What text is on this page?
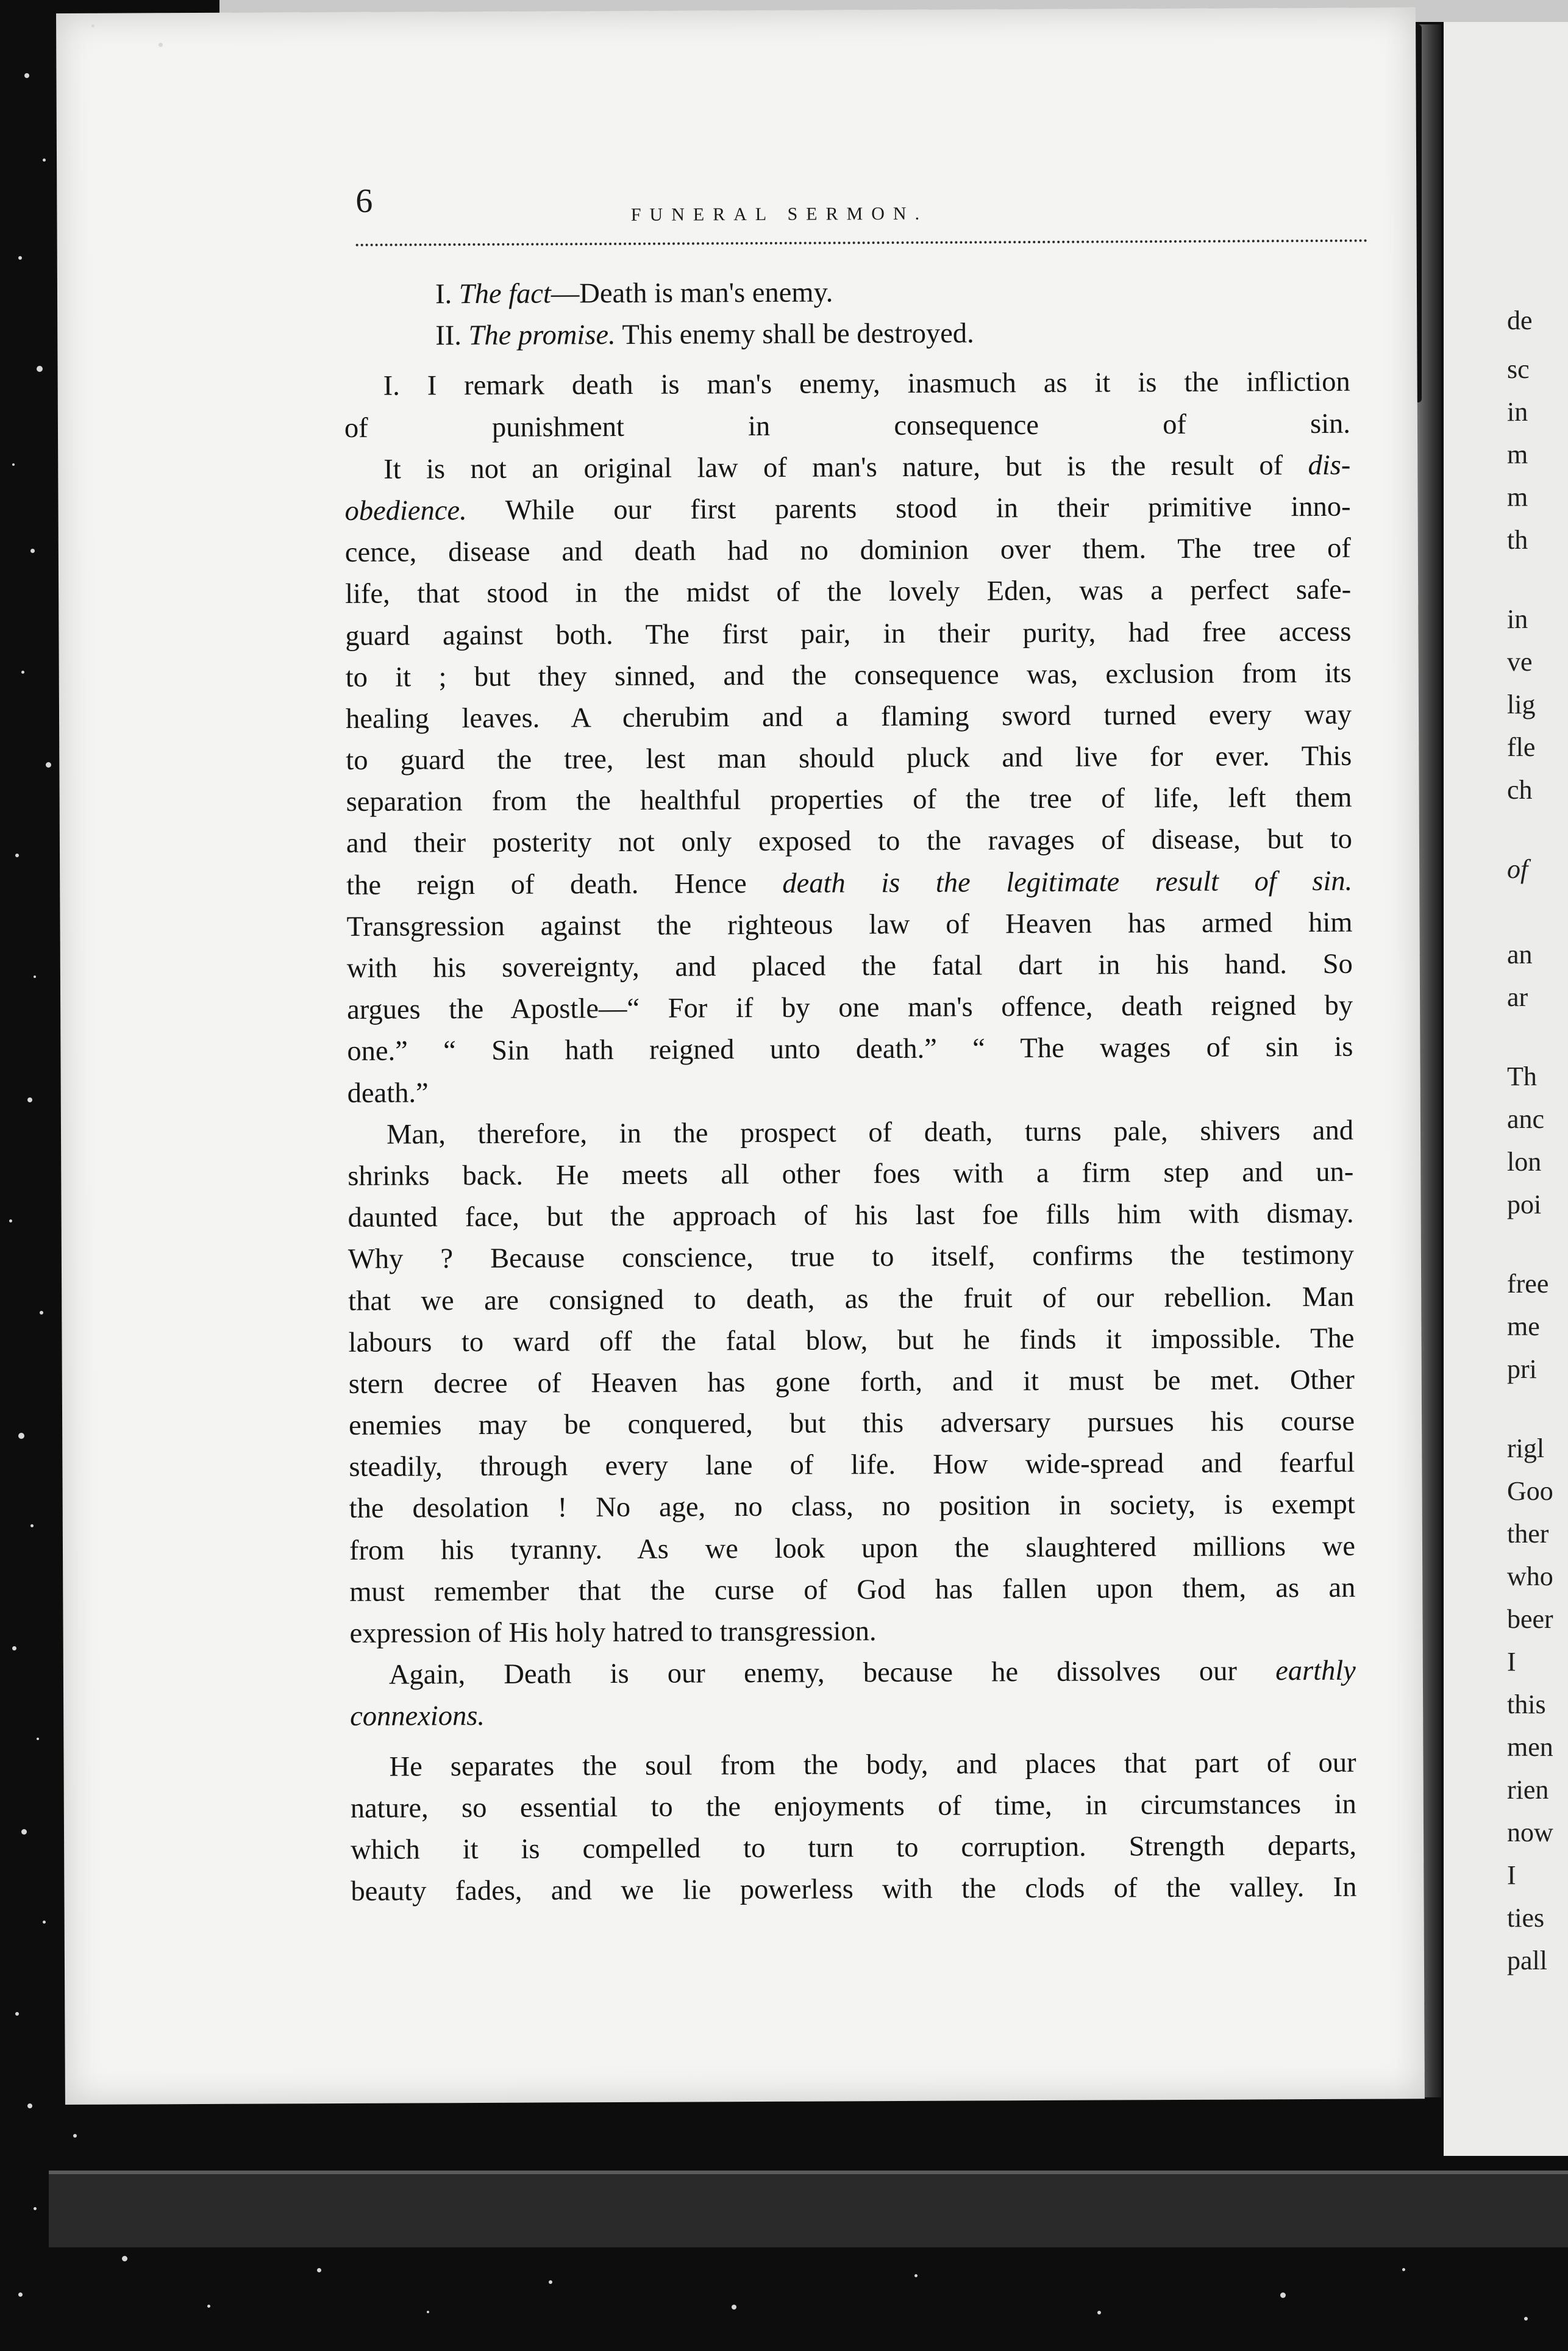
de
sc
in
m
m
th
in
ve
lig
fle
ch
of
an
ar
Th
anc
lon
poi
free
me
pri
rigl
Goo
ther
who
beer
I
this
men
rien
now
I
ties
pall
6	FUNERAL SERMON.
I. The fact—Death is man's enemy.
II. The promise. This enemy shall be destroyed.
I. I remark death is man's enemy, inasmuch as it is the infliction
of punishment in consequence of sin.
It is not an original law of man's nature, but is the result of dis-
obedience. While our first parents stood in their primitive inno-
cence, disease and death had no dominion over them. The tree of
life, that stood in the midst of the lovely Eden, was a perfect safe-
guard against both. The first pair, in their purity, had free access
to it ; but they sinned, and the consequence was, exclusion from its
healing leaves. A cherubim and a flaming sword turned every way
to guard the tree, lest man should pluck and live for ever. This
separation from the healthful properties of the tree of life, left them
and their posterity not only exposed to the ravages of disease, but to
the reign of death. Hence death is the legitimate result of sin.
Transgression against the righteous law of Heaven has armed him
with his sovereignty, and placed the fatal dart in his hand. So
argues the Apostle—“ For if by one man's offence, death reigned by
one.” “ Sin hath reigned unto death.” “ The wages of sin is
death.”
Man, therefore, in the prospect of death, turns pale, shivers and
shrinks back. He meets all other foes with a firm step and un-
daunted face, but the approach of his last foe fills him with dismay.
Why ? Because conscience, true to itself, confirms the testimony
that we are consigned to death, as the fruit of our rebellion. Man
labours to ward off the fatal blow, but he finds it impossible. The
stern decree of Heaven has gone forth, and it must be met. Other
enemies may be conquered, but this adversary pursues his course
steadily, through every lane of life. How wide-spread and fearful
the desolation ! No age, no class, no position in society, is exempt
from his tyranny. As we look upon the slaughtered millions we
must remember that the curse of God has fallen upon them, as an
expression of His holy hatred to transgression.
Again, Death is our enemy, because he dissolves our earthly
connexions.
He separates the soul from the body, and places that part of our
nature, so essential to the enjoyments of time, in circumstances in
which it is compelled to turn to corruption. Strength departs,
beauty fades, and we lie powerless with the clods of the valley. In
